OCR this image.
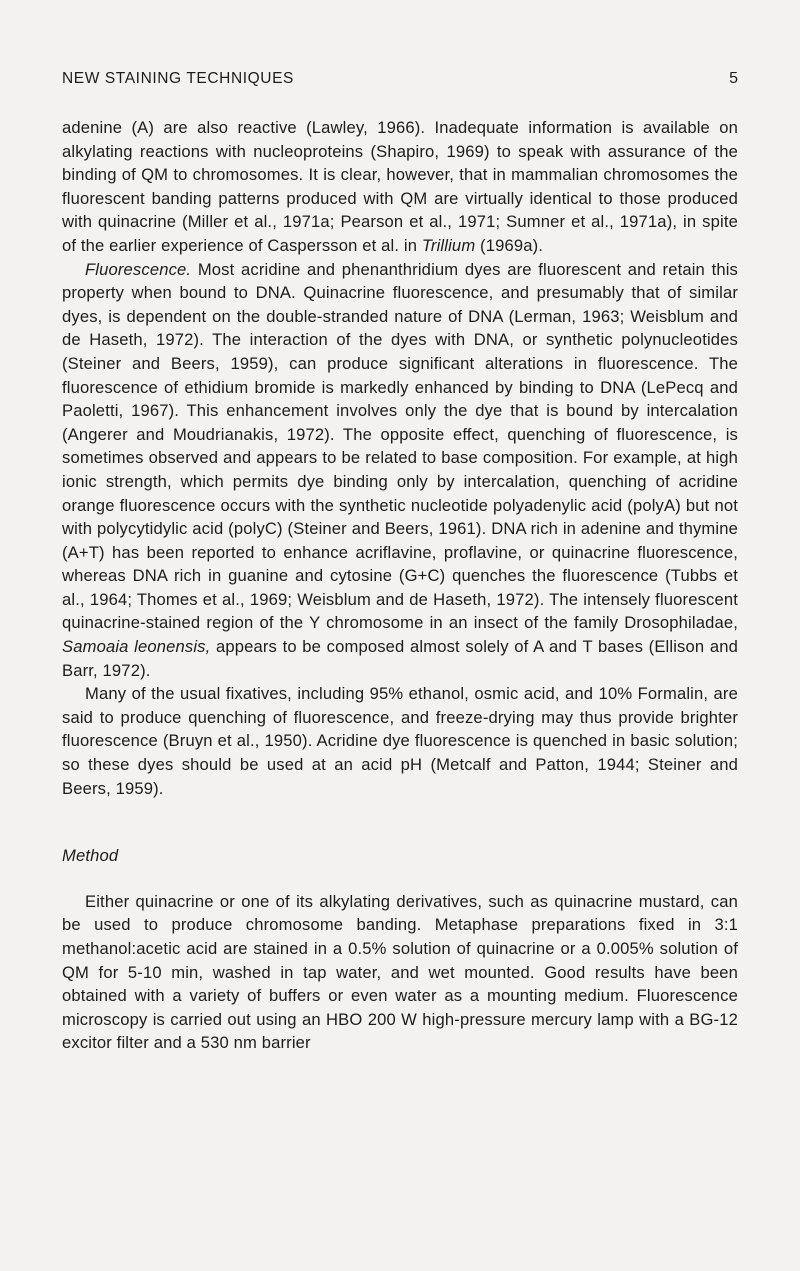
NEW STAINING TECHNIQUES	5

adenine (A) are also reactive (Lawley, 1966). Inadequate information is available on alkylating reactions with nucleoproteins (Shapiro, 1969) to speak with assurance of the binding of QM to chromosomes. It is clear, however, that in mammalian chromosomes the fluorescent banding patterns produced with QM are virtually identical to those produced with quinacrine (Miller et al., 1971a; Pearson et al., 1971; Sumner et al., 1971a), in spite of the earlier experience of Caspersson et al. in Trillium (1969a).

Fluorescence. Most acridine and phenanthridium dyes are fluorescent and retain this property when bound to DNA. Quinacrine fluorescence, and presumably that of similar dyes, is dependent on the double-stranded nature of DNA (Lerman, 1963; Weisblum and de Haseth, 1972). The interaction of the dyes with DNA, or synthetic polynucleotides (Steiner and Beers, 1959), can produce significant alterations in fluorescence. The fluorescence of ethidium bromide is markedly enhanced by binding to DNA (LePecq and Paoletti, 1967). This enhancement involves only the dye that is bound by intercalation (Angerer and Moudrianakis, 1972). The opposite effect, quenching of fluorescence, is sometimes observed and appears to be related to base composition. For example, at high ionic strength, which permits dye binding only by intercalation, quenching of acridine orange fluorescence occurs with the synthetic nucleotide polyadenylic acid (polyA) but not with polycytidylic acid (polyC) (Steiner and Beers, 1961). DNA rich in adenine and thymine (A+T) has been reported to enhance acriflavine, proflavine, or quinacrine fluorescence, whereas DNA rich in guanine and cytosine (G+C) quenches the fluorescence (Tubbs et al., 1964; Thomes et al., 1969; Weisblum and de Haseth, 1972). The intensely fluorescent quinacrine-stained region of the Y chromosome in an insect of the family Drosophiladae, Samoaia leonensis, appears to be composed almost solely of A and T bases (Ellison and Barr, 1972).

Many of the usual fixatives, including 95% ethanol, osmic acid, and 10% Formalin, are said to produce quenching of fluorescence, and freeze-drying may thus provide brighter fluorescence (Bruyn et al., 1950). Acridine dye fluorescence is quenched in basic solution; so these dyes should be used at an acid pH (Metcalf and Patton, 1944; Steiner and Beers, 1959).

Method

Either quinacrine or one of its alkylating derivatives, such as quinacrine mustard, can be used to produce chromosome banding. Metaphase preparations fixed in 3:1 methanol:acetic acid are stained in a 0.5% solution of quinacrine or a 0.005% solution of QM for 5-10 min, washed in tap water, and wet mounted. Good results have been obtained with a variety of buffers or even water as a mounting medium. Fluorescence microscopy is carried out using an HBO 200 W high-pressure mercury lamp with a BG-12 excitor filter and a 530 nm barrier
